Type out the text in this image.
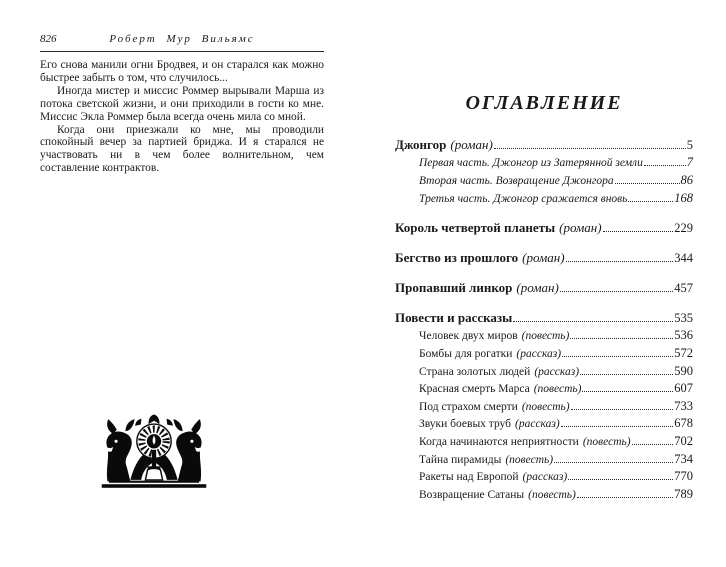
826	Роберт Мур Вильямс

Его снова манили огни Бродвея, и он старался как можно быстрее забыть о том, что случилось...

Иногда мистер и миссис Роммер вырывали Марша из потока светской жизни, и они приходили в гости ко мне. Миссис Экла Роммер была всегда очень мила со мной.

Когда они приезжали ко мне, мы проводили спокойный вечер за партией бриджа. И я старался не участвовать ни в чем более волнительном, чем составление контрактов.

ОГЛАВЛЕНИЕ
Джонгор (роман)	5
Первая часть. Джонгор из Затерянной земли	7
Вторая часть. Возвращение Джонгора	86
Третья часть. Джонгор сражается вновь	168
Король четвертой планеты (роман)	229
Бегство из прошлого (роман)	344
Пропавший линкор (роман)	457
Повести и рассказы	535
Человек двух миров (повесть)	536
Бомбы для рогатки (рассказ)	572
Страна золотых людей (рассказ)	590
Красная смерть Марса (повесть)	607
Под страхом смерти (повесть)	733
Звуки боевых труб (рассказ)	678
Когда начинаются неприятности (повесть)	702
Тайна пирамиды (повесть)	734
Ракеты над Европой (рассказ)	770
Возвращение Сатаны (повесть)	789
